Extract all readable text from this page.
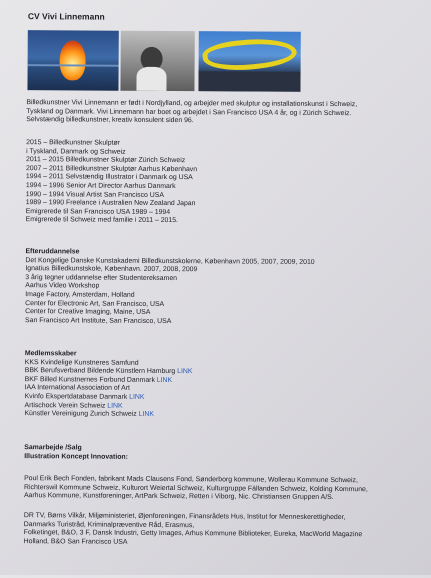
CV Vivi Linnemann
Billedkunstner Vivi Linnemann er født i Nordjylland, og arbejder med skulptur og installationskunst i Schweiz,
Tyskland og Danmark. Vivi Linnemann har boet og arbejdet i San Francisco USA 4 år, og i Zürich Schweiz.
Selvstændig billedkunstner, kreativ konsulent siden 96.
2015 – Billedkunstner Skulptør
i Tyskland, Danmark og Schweiz
2011 – 2015 Billedkunstner Skulptør Zürich Schweiz
2007 – 2011 Billedkunstner Skulptør Aarhus København
1994 – 2011 Selvstændig Illustrator i Danmark og USA
1994 – 1996 Senior Art Director Aarhus Danmark
1990 – 1994 Visual Artist San Francisco USA
1989 – 1990 Freelance i Australien New Zealand Japan
Emigrerede til San Francisco USA 1989 – 1994
Emigrerede til Schweiz med familie i 2011 – 2015.
Efteruddannelse
Det Kongelige Danske Kunstakademi Billedkunstskolerne, København 2005, 2007, 2009, 2010
Ignatius Billedkunstskole, København. 2007, 2008, 2009
3 årig tegner uddannelse efter Studentereksamen
Aarhus Video Workshop
Image Factory, Amsterdam, Holland
Center for Electronic Art, San Francisco, USA
Center for Creative Imaging, Maine, USA
San Francisco Art Institute, San Francisco, USA
Medlemsskaber
KKS Kvindelige Kunstneres Samfund
BBK Berufsverband Bildende Künstlern Hamburg LINK
BKF Billed Kunstnernes Forbund Danmark LINK
IAA International Association of Art
Kvinfo Ekspertdatabase Danmark LINK
Artischock Verein Schweiz LINK
Künstler Vereinigung Zurich Schweiz LINK
Samarbejde /Salg
Illustration Koncept Innovation:
Poul Erik Bech Fonden, fabrikant Mads Clausens Fond, Sønderborg kommune, Wollerau Kommune Schweiz,
Richterswil Kommune Schweiz, Kulturort Weiertal Schweiz, Kulturgruppe Fällanden Schweiz, Kolding Kommune,
Aarhus Kommune, Kunstforeninger, ArtPark Schweiz, Retten i Viborg, Nic. Christiansen Gruppen A/S.
DR TV, Børns Vilkår, Miljøministeriet, Øjenforeningen, Finansrådets Hus, Institut for Menneskerettigheder,
Danmarks Turistråd, Kriminalpræventive Råd, Erasmus,
Folketinget, B&O, 3 F, Dansk Industri, Getty Images, Arhus Kommune Biblioteker, Eureka, MacWorld Magazine
Holland, B&O San Francisco USA
